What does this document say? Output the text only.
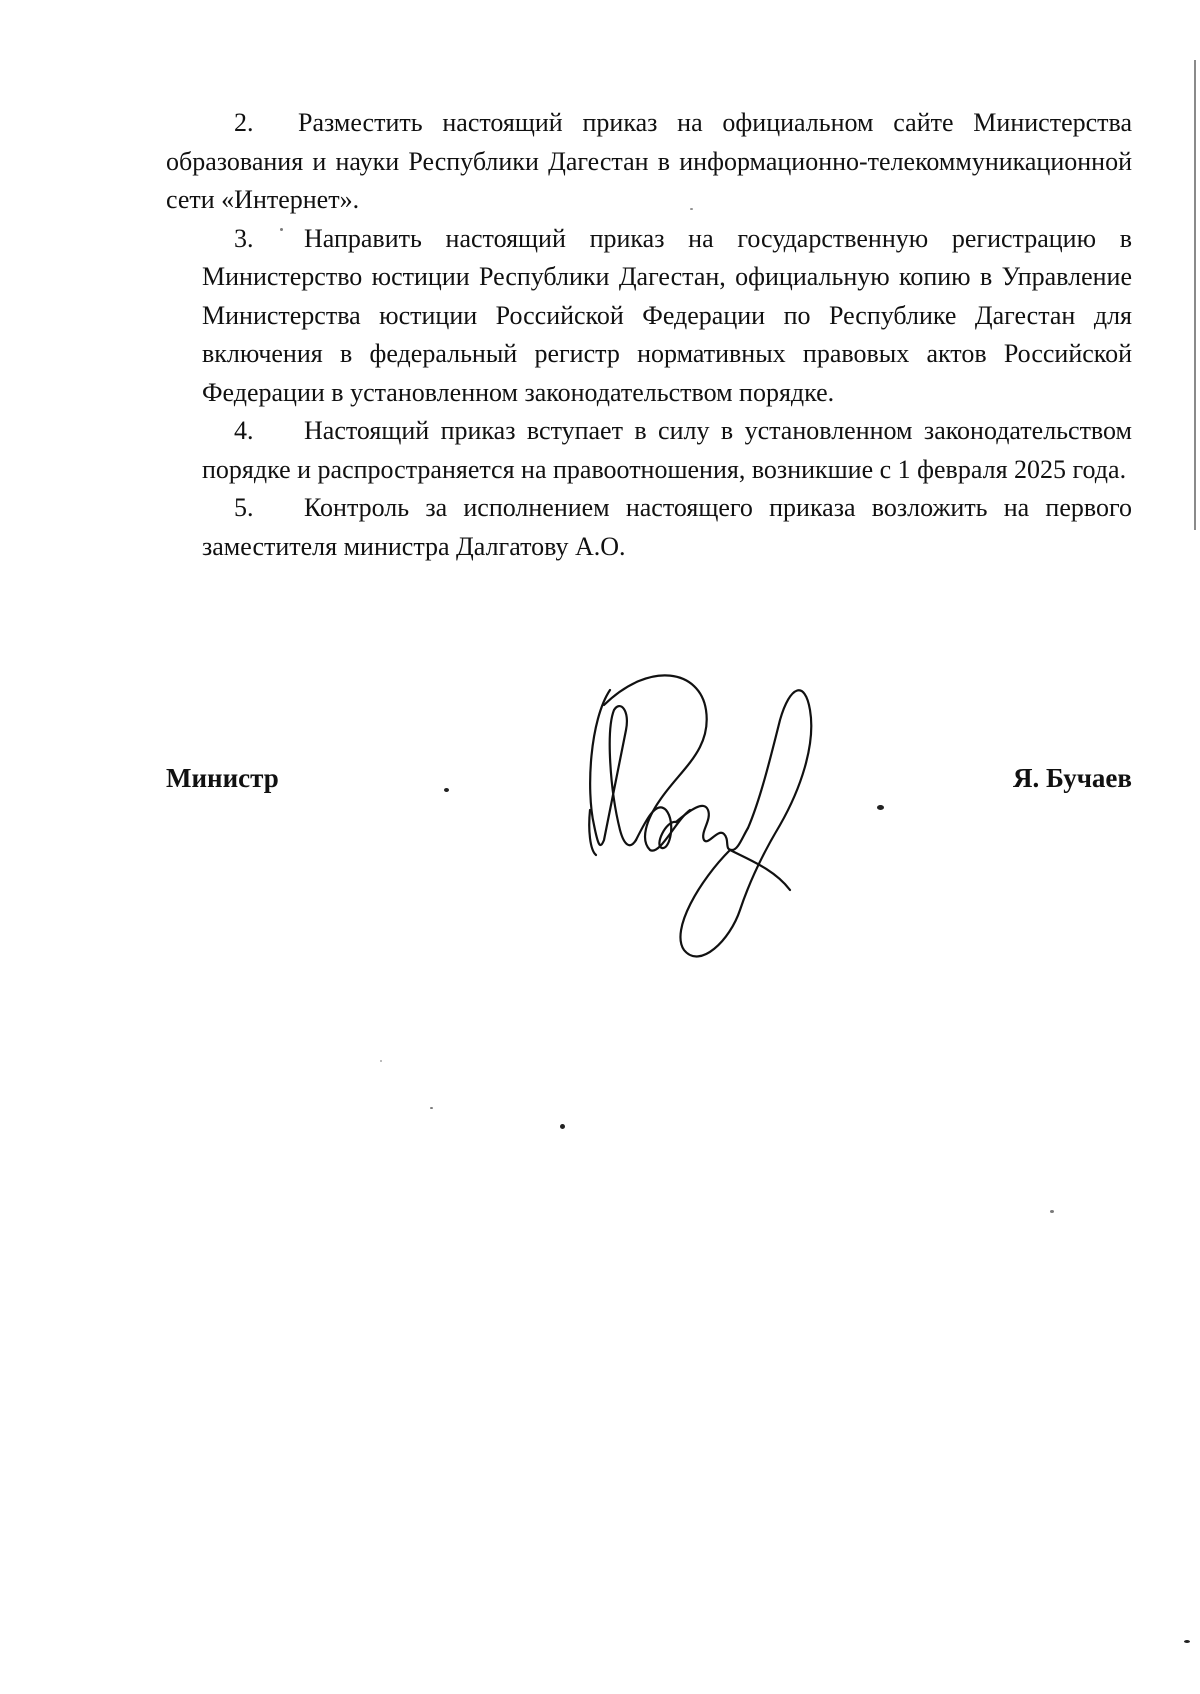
2. Разместить настоящий приказ на официальном сайте Министерства образования и науки Республики Дагестан в информационно-телекоммуникационной сети «Интернет».

3. Направить настоящий приказ на государственную регистрацию в Министерство юстиции Республики Дагестан, официальную копию в Управление Министерства юстиции Российской Федерации по Республике Дагестан для включения в федеральный регистр нормативных правовых актов Российской Федерации в установленном законодательством порядке.

4. Настоящий приказ вступает в силу в установленном законодательством порядке и распространяется на правоотношения, возникшие с 1 февраля 2025 года.

5. Контроль за исполнением настоящего приказа возложить на первого заместителя министра Далгатову А.О.

Министр	Я. Бучаев
